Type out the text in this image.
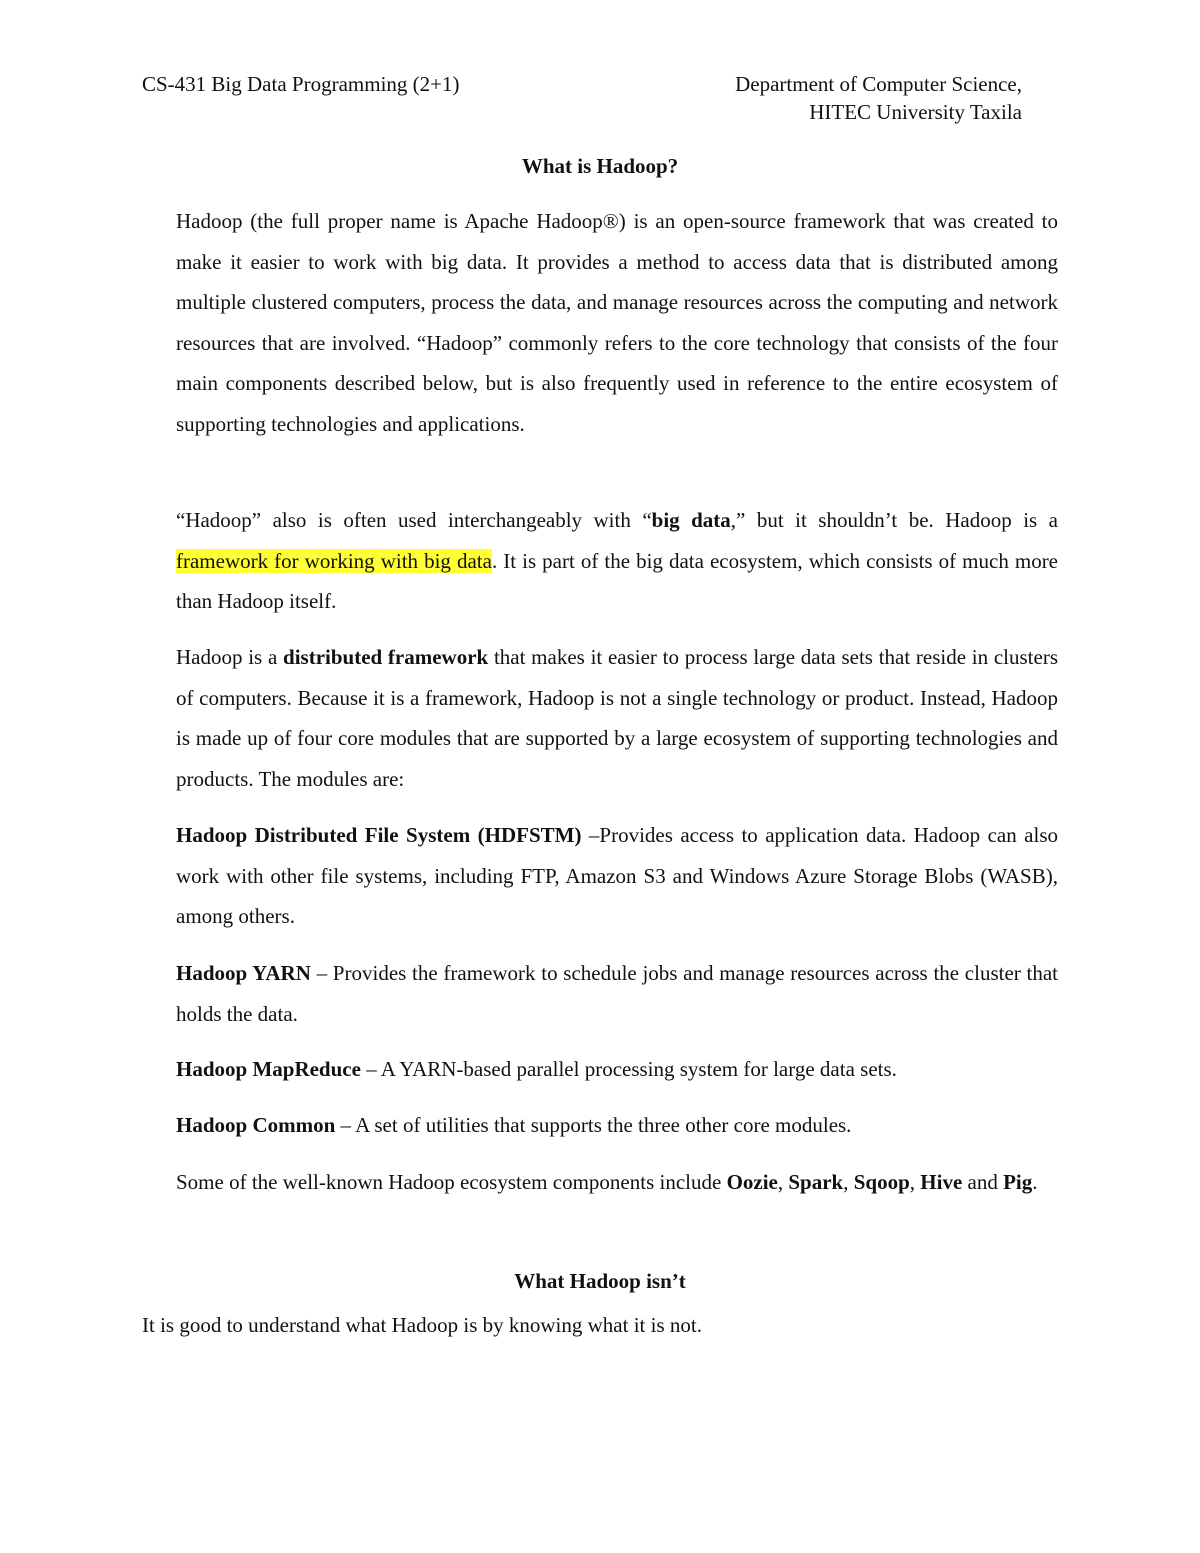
CS-431 Big Data Programming (2+1)	Department of Computer Science,
HITEC University Taxila
What is Hadoop?

Hadoop (the full proper name is Apache Hadoop®) is an open-source framework that was created to make it easier to work with big data. It provides a method to access data that is distributed among multiple clustered computers, process the data, and manage resources across the computing and network resources that are involved. “Hadoop” commonly refers to the core technology that consists of the four main components described below, but is also frequently used in reference to the entire ecosystem of supporting technologies and applications.

“Hadoop” also is often used interchangeably with “big data,” but it shouldn’t be. Hadoop is a framework for working with big data. It is part of the big data ecosystem, which consists of much more than Hadoop itself.

Hadoop is a distributed framework that makes it easier to process large data sets that reside in clusters of computers. Because it is a framework, Hadoop is not a single technology or product. Instead, Hadoop is made up of four core modules that are supported by a large ecosystem of supporting technologies and products. The modules are:

Hadoop Distributed File System (HDFSTM) –Provides access to application data. Hadoop can also work with other file systems, including FTP, Amazon S3 and Windows Azure Storage Blobs (WASB), among others.

Hadoop YARN – Provides the framework to schedule jobs and manage resources across the cluster that holds the data.

Hadoop MapReduce – A YARN-based parallel processing system for large data sets.

Hadoop Common – A set of utilities that supports the three other core modules.

Some of the well-known Hadoop ecosystem components include Oozie, Spark, Sqoop, Hive and Pig.

What Hadoop isn’t
It is good to understand what Hadoop is by knowing what it is not.
